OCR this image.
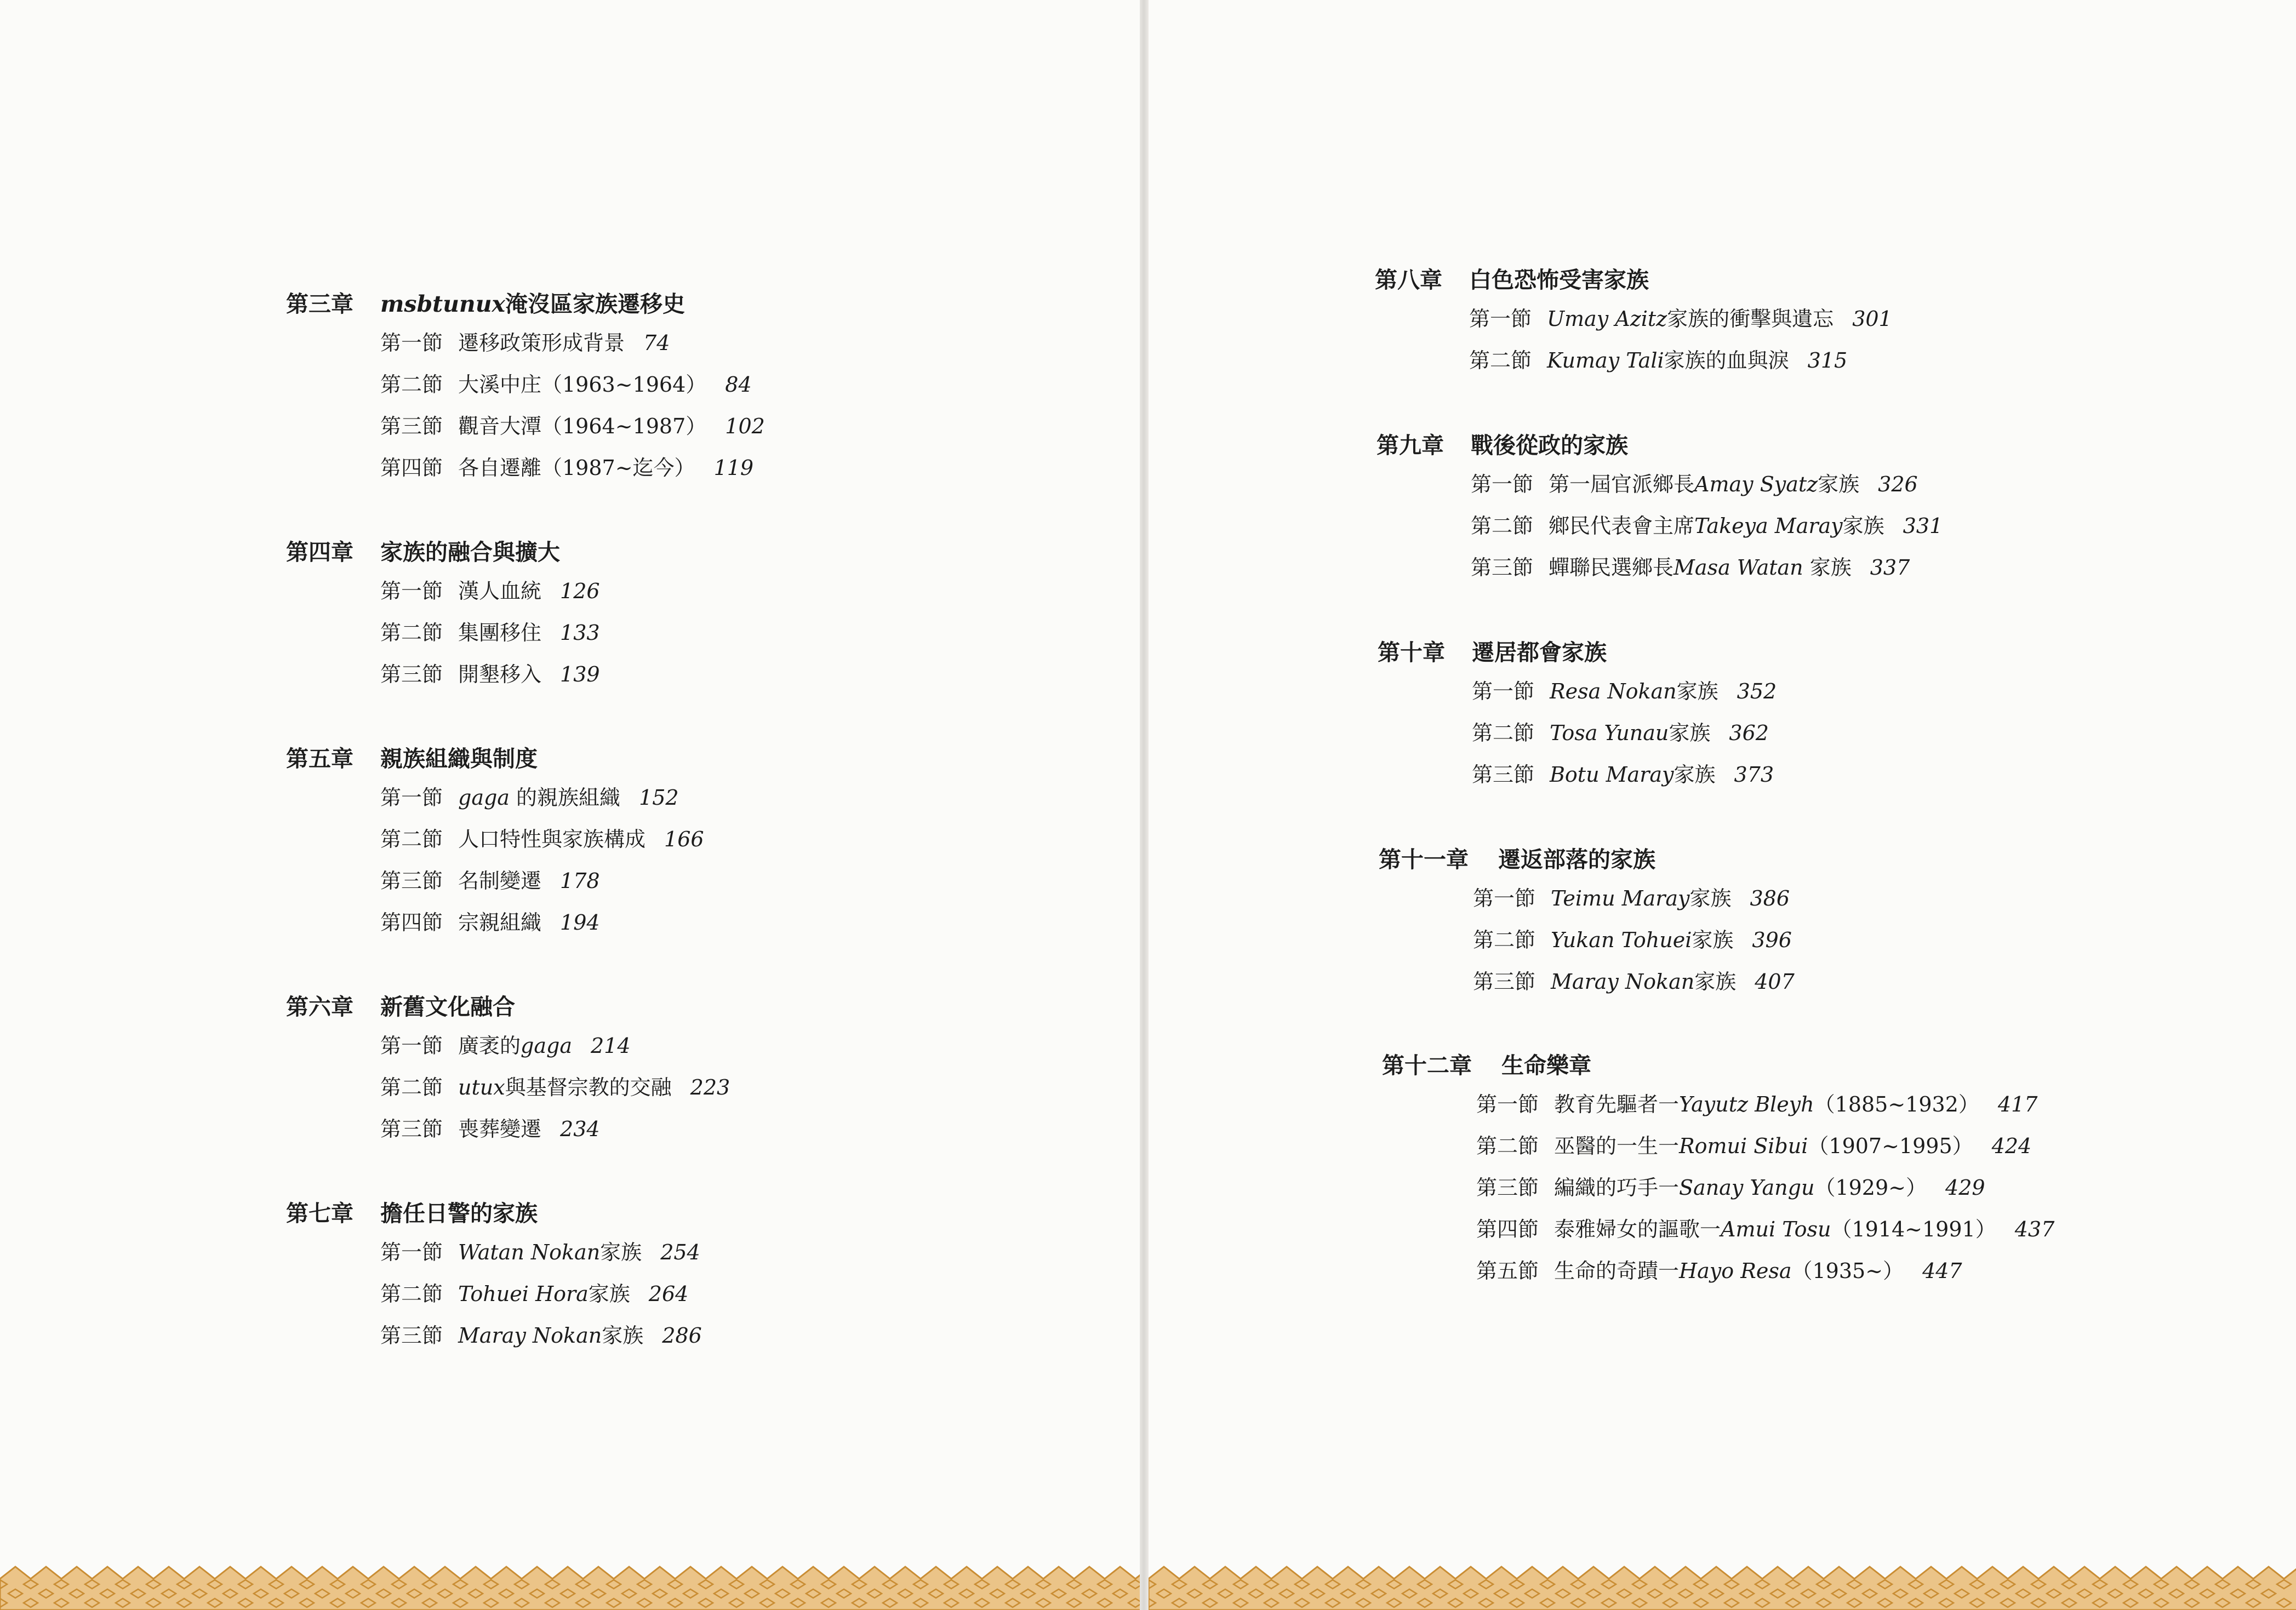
第三章	msbtunux淹沒區家族遷移史
第一節 遷移政策形成背景 74
第二節 大溪中庄（1963~1964） 84
第三節 觀音大潭（1964~1987） 102
第四節 各自遷離（1987~迄今） 119
第四章	家族的融合與擴大
第一節 漢人血統 126
第二節 集團移住 133
第三節 開墾移入 139
第五章	親族組織與制度
第一節 gaga 的親族組織 152
第二節 人口特性與家族構成 166
第三節 名制變遷 178
第四節 宗親組織 194
第六章	新舊文化融合
第一節 廣袤的gaga 214
第二節 utux與基督宗教的交融 223
第三節 喪葬變遷 234
第七章	擔任日警的家族
第一節 Watan Nokan家族 254
第二節 Tohuei Hora家族 264
第三節 Maray Nokan家族 286
第八章	白色恐怖受害家族
第一節 Umay Azitz家族的衝擊與遺忘 301
第二節 Kumay Tali家族的血與淚 315
第九章	戰後從政的家族
第一節 第一屆官派鄉長Amay Syatz家族 326
第二節 鄉民代表會主席Takeya Maray家族 331
第三節 蟬聯民選鄉長Masa Watan 家族 337
第十章	遷居都會家族
第一節 Resa Nokan家族 352
第二節 Tosa Yunau家族 362
第三節 Botu Maray家族 373
第十一章	遷返部落的家族
第一節 Teimu Maray家族 386
第二節 Yukan Tohuei家族 396
第三節 Maray Nokan家族 407
第十二章	生命樂章
第一節 教育先驅者一Yayutz Bleyh（1885~1932） 417
第二節 巫醫的一生一Romui Sibui（1907~1995） 424
第三節 編織的巧手一Sanay Yangu（1929~） 429
第四節 泰雅婦女的謳歌一Amui Tosu（1914~1991） 437
第五節 生命的奇蹟一Hayo Resa（1935~） 447
